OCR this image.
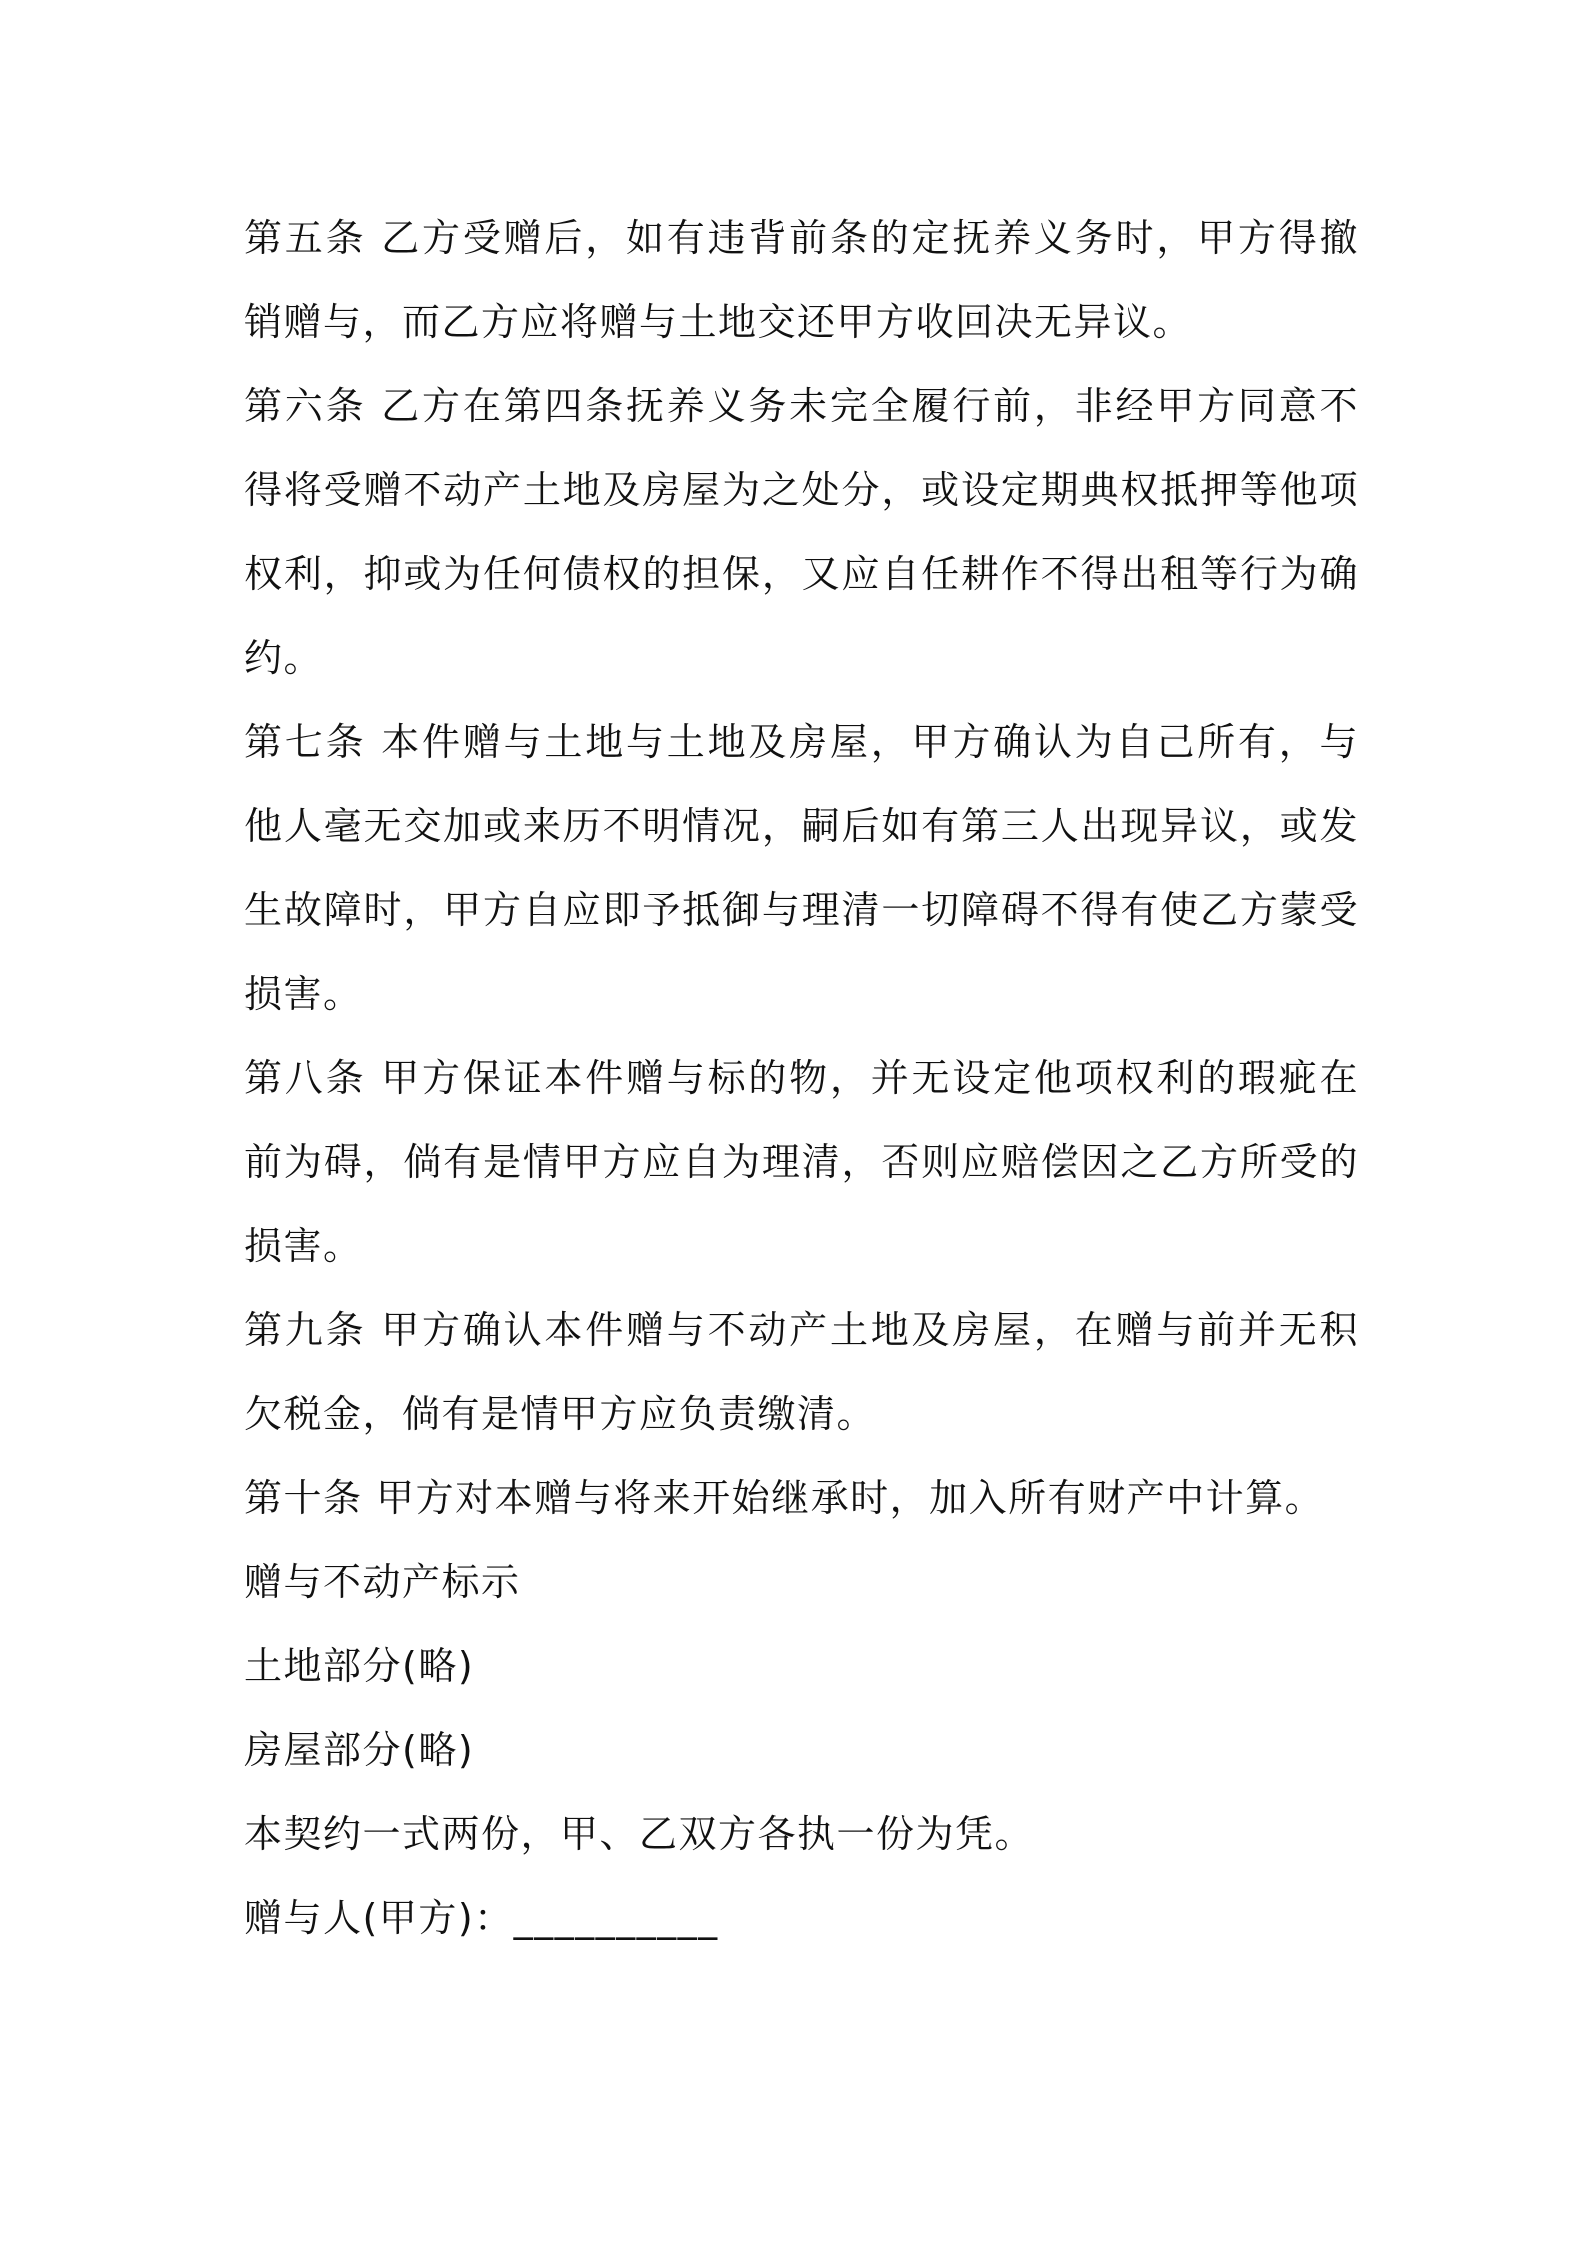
第五条 乙方受赠后，如有违背前条的定抚养义务时，甲方得撤销赠与，而乙方应将赠与土地交还甲方收回决无异议。

第六条 乙方在第四条抚养义务未完全履行前，非经甲方同意不得将受赠不动产土地及房屋为之处分，或设定期典权抵押等他项权利，抑或为任何债权的担保，又应自任耕作不得出租等行为确约。

第七条 本件赠与土地与土地及房屋，甲方确认为自己所有，与他人毫无交加或来历不明情况，嗣后如有第三人出现异议，或发生故障时，甲方自应即予抵御与理清一切障碍不得有使乙方蒙受损害。

第八条 甲方保证本件赠与标的物，并无设定他项权利的瑕疵在前为碍，倘有是情甲方应自为理清，否则应赔偿因之乙方所受的损害。

第九条 甲方确认本件赠与不动产土地及房屋，在赠与前并无积欠税金，倘有是情甲方应负责缴清。

第十条 甲方对本赠与将来开始继承时，加入所有财产中计算。

赠与不动产标示

土地部分(略)

房屋部分(略)

本契约一式两份，甲、乙双方各执一份为凭。

赠与人(甲方)：__________
